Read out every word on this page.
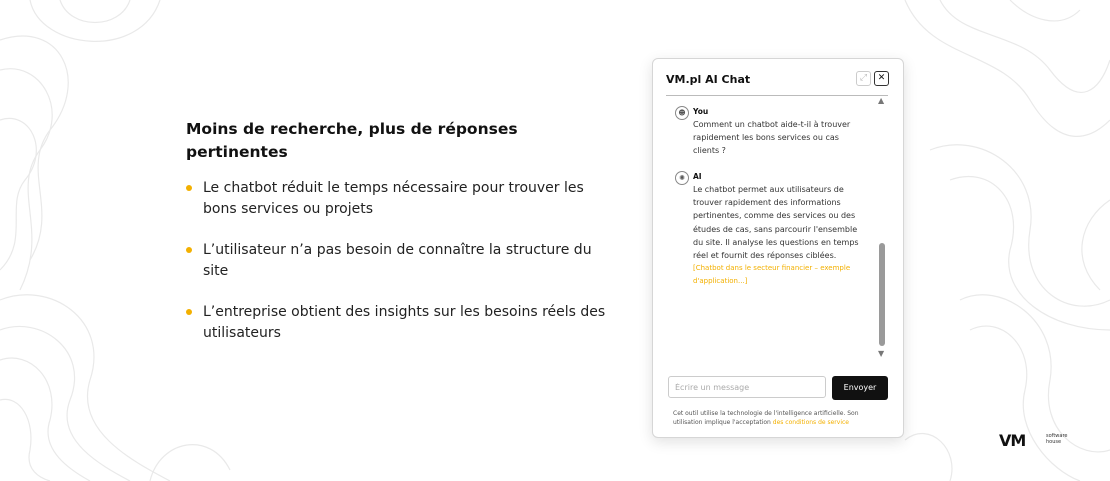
Moins de recherche, plus de réponses pertinentes
Le chatbot réduit le temps nécessaire pour trouver les bons services ou projets
L’utilisateur n’a pas besoin de connaître la structure du site
L’entreprise obtient des insights sur les besoins réels des utilisateurs
VM.pl AI Chat	⤢	✕
▲
▼
☻ You
Comment un chatbot aide-t-il à trouver rapidement les bons services ou cas clients ?
✺	AI
Le chatbot permet aux utilisateurs de trouver rapidement des informations pertinentes, comme des services ou des études de cas, sans parcourir l'ensemble du site. Il analyse les questions en temps réel et fournit des réponses ciblées.
[Chatbot dans le secteur financier – exemple d'application...]
Écrire un message
Envoyer
Cet outil utilise la technologie de l'intelligence artificielle. Son utilisation implique l'acceptation des conditions de service
VM	software house
